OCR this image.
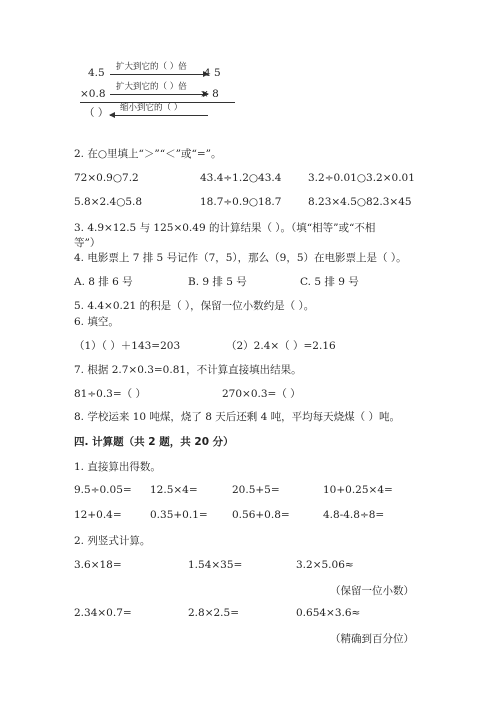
4.5 扩大到它的（ ）倍 4 5
扩大到它的（ ）倍
×0.8	× 8
（ ） 缩小到它的（ ）
2. 在○里填上“＞”“＜”或“=”。
72×0.9○7.2	43.4÷1.2○43.4	3.2÷0.01○3.2×0.01
5.8×2.4○5.8	18.7÷0.9○18.7	8.23×4.5○82.3×45
3. 4.9×12.5 与 125×0.49 的计算结果（ ）。（填“相等”或“不相
等”）
4. 电影票上 7 排 5 号记作（7，5），那么（9，5）在电影票上是（ ）。
A. 8 排 6 号	B. 9 排 5 号	C. 5 排 9 号
5. 4.4×0.21 的积是（ ），保留一位小数约是（ ）。
6. 填空。
（1）（ ）＋143=203	（2）2.4×（ ）=2.16
7. 根据 2.7×0.3=0.81，不计算直接填出结果。
81÷0.3=（ ）	270×0.3=（ ）
8. 学校运来 10 吨煤，烧了 8 天后还剩 4 吨，平均每天烧煤（ ）吨。
四. 计算题（共 2 题，共 20 分）
1. 直接算出得数。
9.5÷0.05= 12.5×4=	20.5+5=	10+0.25×4=
12+0.4=	0.35+0.1= 0.56+0.8=	4.8-4.8÷8=
2. 列竖式计算。
3.6×18=	1.54×35=	3.2×5.06≈
（保留一位小数）
2.34×0.7=	2.8×2.5=	0.654×3.6≈
（精确到百分位）
